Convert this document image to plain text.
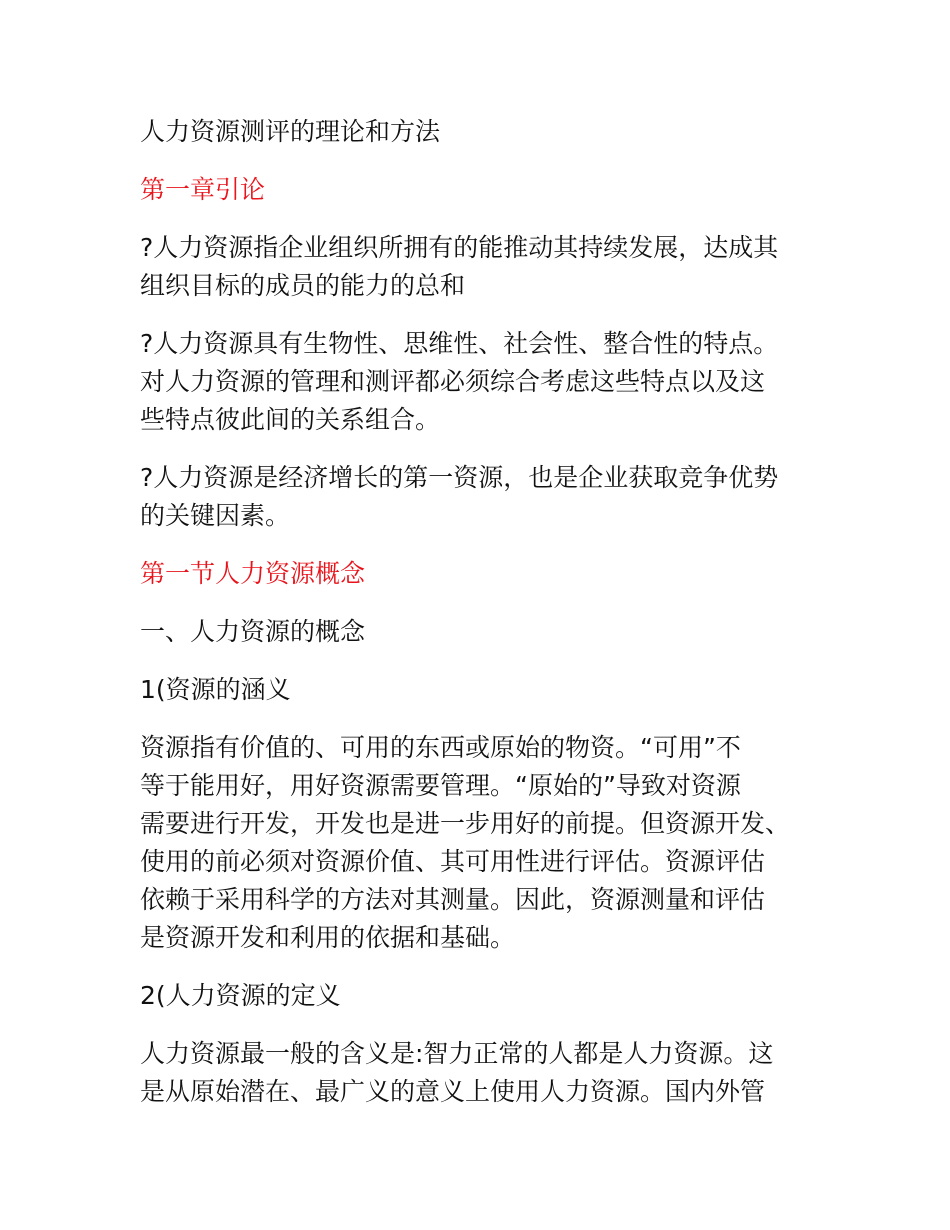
人力资源测评的理论和方法

第一章引论

?人力资源指企业组织所拥有的能推动其持续发展，达成其

组织目标的成员的能力的总和

?人力资源具有生物性、思维性、社会性、整合性的特点。

对人力资源的管理和测评都必须综合考虑这些特点以及这

些特点彼此间的关系组合。

?人力资源是经济增长的第一资源，也是企业获取竞争优势

的关键因素。

第一节人力资源概念

一、人力资源的概念

1(资源的涵义

资源指有价值的、可用的东西或原始的物资。“可用”不

等于能用好，用好资源需要管理。“原始的”导致对资源

需要进行开发，开发也是进一步用好的前提。但资源开发、

使用的前必须对资源价值、其可用性进行评估。资源评估

依赖于采用科学的方法对其测量。因此，资源测量和评估

是资源开发和利用的依据和基础。

2(人力资源的定义

人力资源最一般的含义是:智力正常的人都是人力资源。这

是从原始潜在、最广义的意义上使用人力资源。国内外管
